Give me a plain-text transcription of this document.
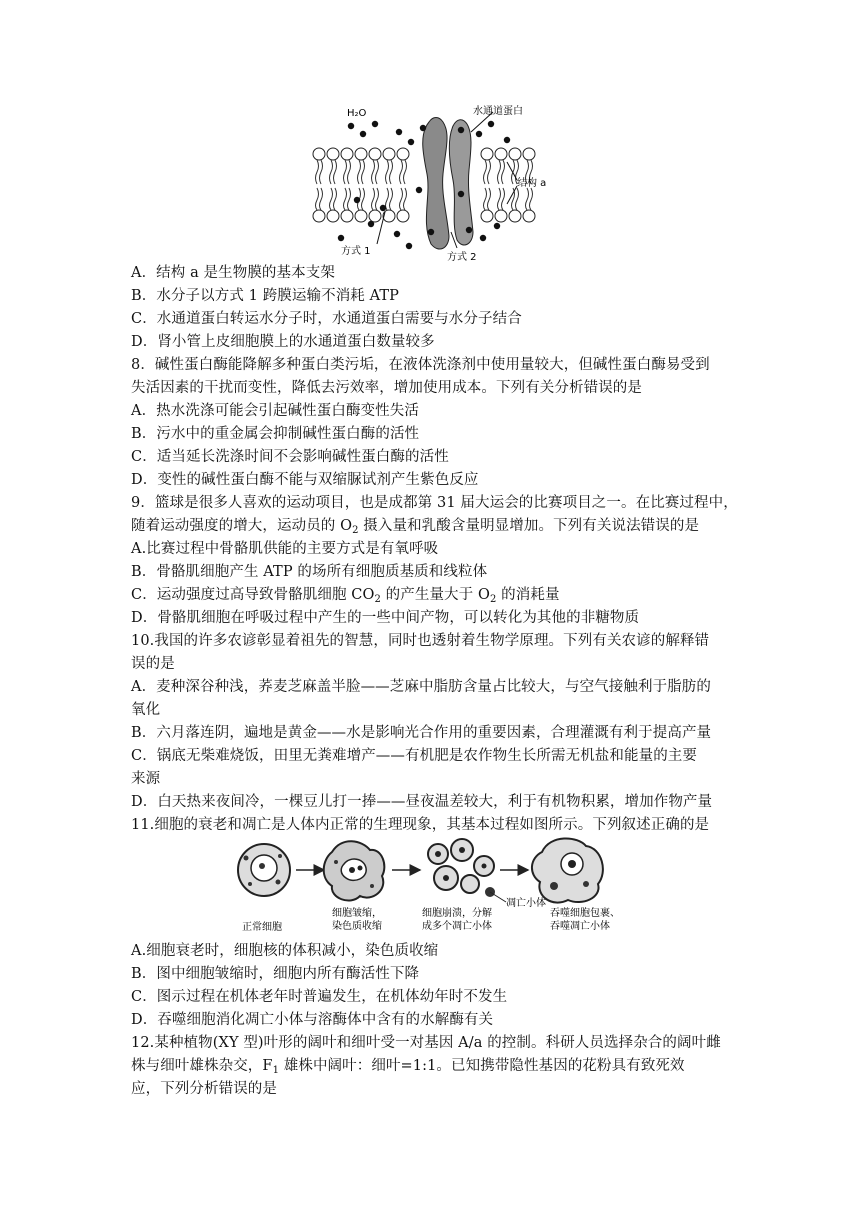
H₂O	水通道蛋白
结构 a
方式 1
方式 2
A．结构 a 是生物膜的基本支架
B．水分子以方式 1 跨膜运输不消耗 ATP
C．水通道蛋白转运水分子时，水通道蛋白需要与水分子结合
D．肾小管上皮细胞膜上的水通道蛋白数量较多
8．碱性蛋白酶能降解多种蛋白类污垢，在液体洗涤剂中使用量较大，但碱性蛋白酶易受到
失活因素的干扰而变性，降低去污效率，增加使用成本。下列有关分析错误的是
A．热水洗涤可能会引起碱性蛋白酶变性失活
B．污水中的重金属会抑制碱性蛋白酶的活性
C．适当延长洗涤时间不会影响碱性蛋白酶的活性
D．变性的碱性蛋白酶不能与双缩脲试剂产生紫色反应
9．篮球是很多人喜欢的运动项目，也是成都第 31 届大运会的比赛项目之一。在比赛过程中，
随着运动强度的增大，运动员的 $O_2$ 摄入量和乳酸含量明显增加。下列有关说法错误的是
A.比赛过程中骨骼肌供能的主要方式是有氧呼吸
B．骨骼肌细胞产生 ATP 的场所有细胞质基质和线粒体
C．运动强度过高导致骨骼肌细胞 $CO_2$ 的产生量大于 $O_2$ 的消耗量
D．骨骼肌细胞在呼吸过程中产生的一些中间产物，可以转化为其他的非糖物质
10.我国的许多农谚彰显着祖先的智慧，同时也透射着生物学原理。下列有关农谚的解释错
误的是
A．麦种深谷种浅，荞麦芝麻盖半脸——芝麻中脂肪含量占比较大，与空气接触利于脂肪的
氧化
B．六月落连阴，遍地是黄金——水是影响光合作用的重要因素，合理灌溉有利于提高产量
C．锅底无柴难烧饭，田里无粪难增产——有机肥是农作物生长所需无机盐和能量的主要
来源
D．白天热来夜间冷，一棵豆儿打一捧——昼夜温差较大，利于有机物积累，增加作物产量
11.细胞的衰老和凋亡是人体内正常的生理现象，其基本过程如图所示。下列叙述正确的是
正常细胞
细胞皱缩，
染色质收缩
细胞崩溃，分解
成多个凋亡小体
凋亡小体
吞噬细胞包裹、
吞噬凋亡小体
A.细胞衰老时，细胞核的体积减小，染色质收缩
B．图中细胞皱缩时，细胞内所有酶活性下降
C．图示过程在机体老年时普遍发生，在机体幼年时不发生
D．吞噬细胞消化凋亡小体与溶酶体中含有的水解酶有关
12.某种植物(XY 型)叶形的阔叶和细叶受一对基因 A/a 的控制。科研人员选择杂合的阔叶雌
株与细叶雄株杂交，$F_1$ 雄株中阔叶：细叶=1:1。已知携带隐性基因的花粉具有致死效
应，下列分析错误的是
